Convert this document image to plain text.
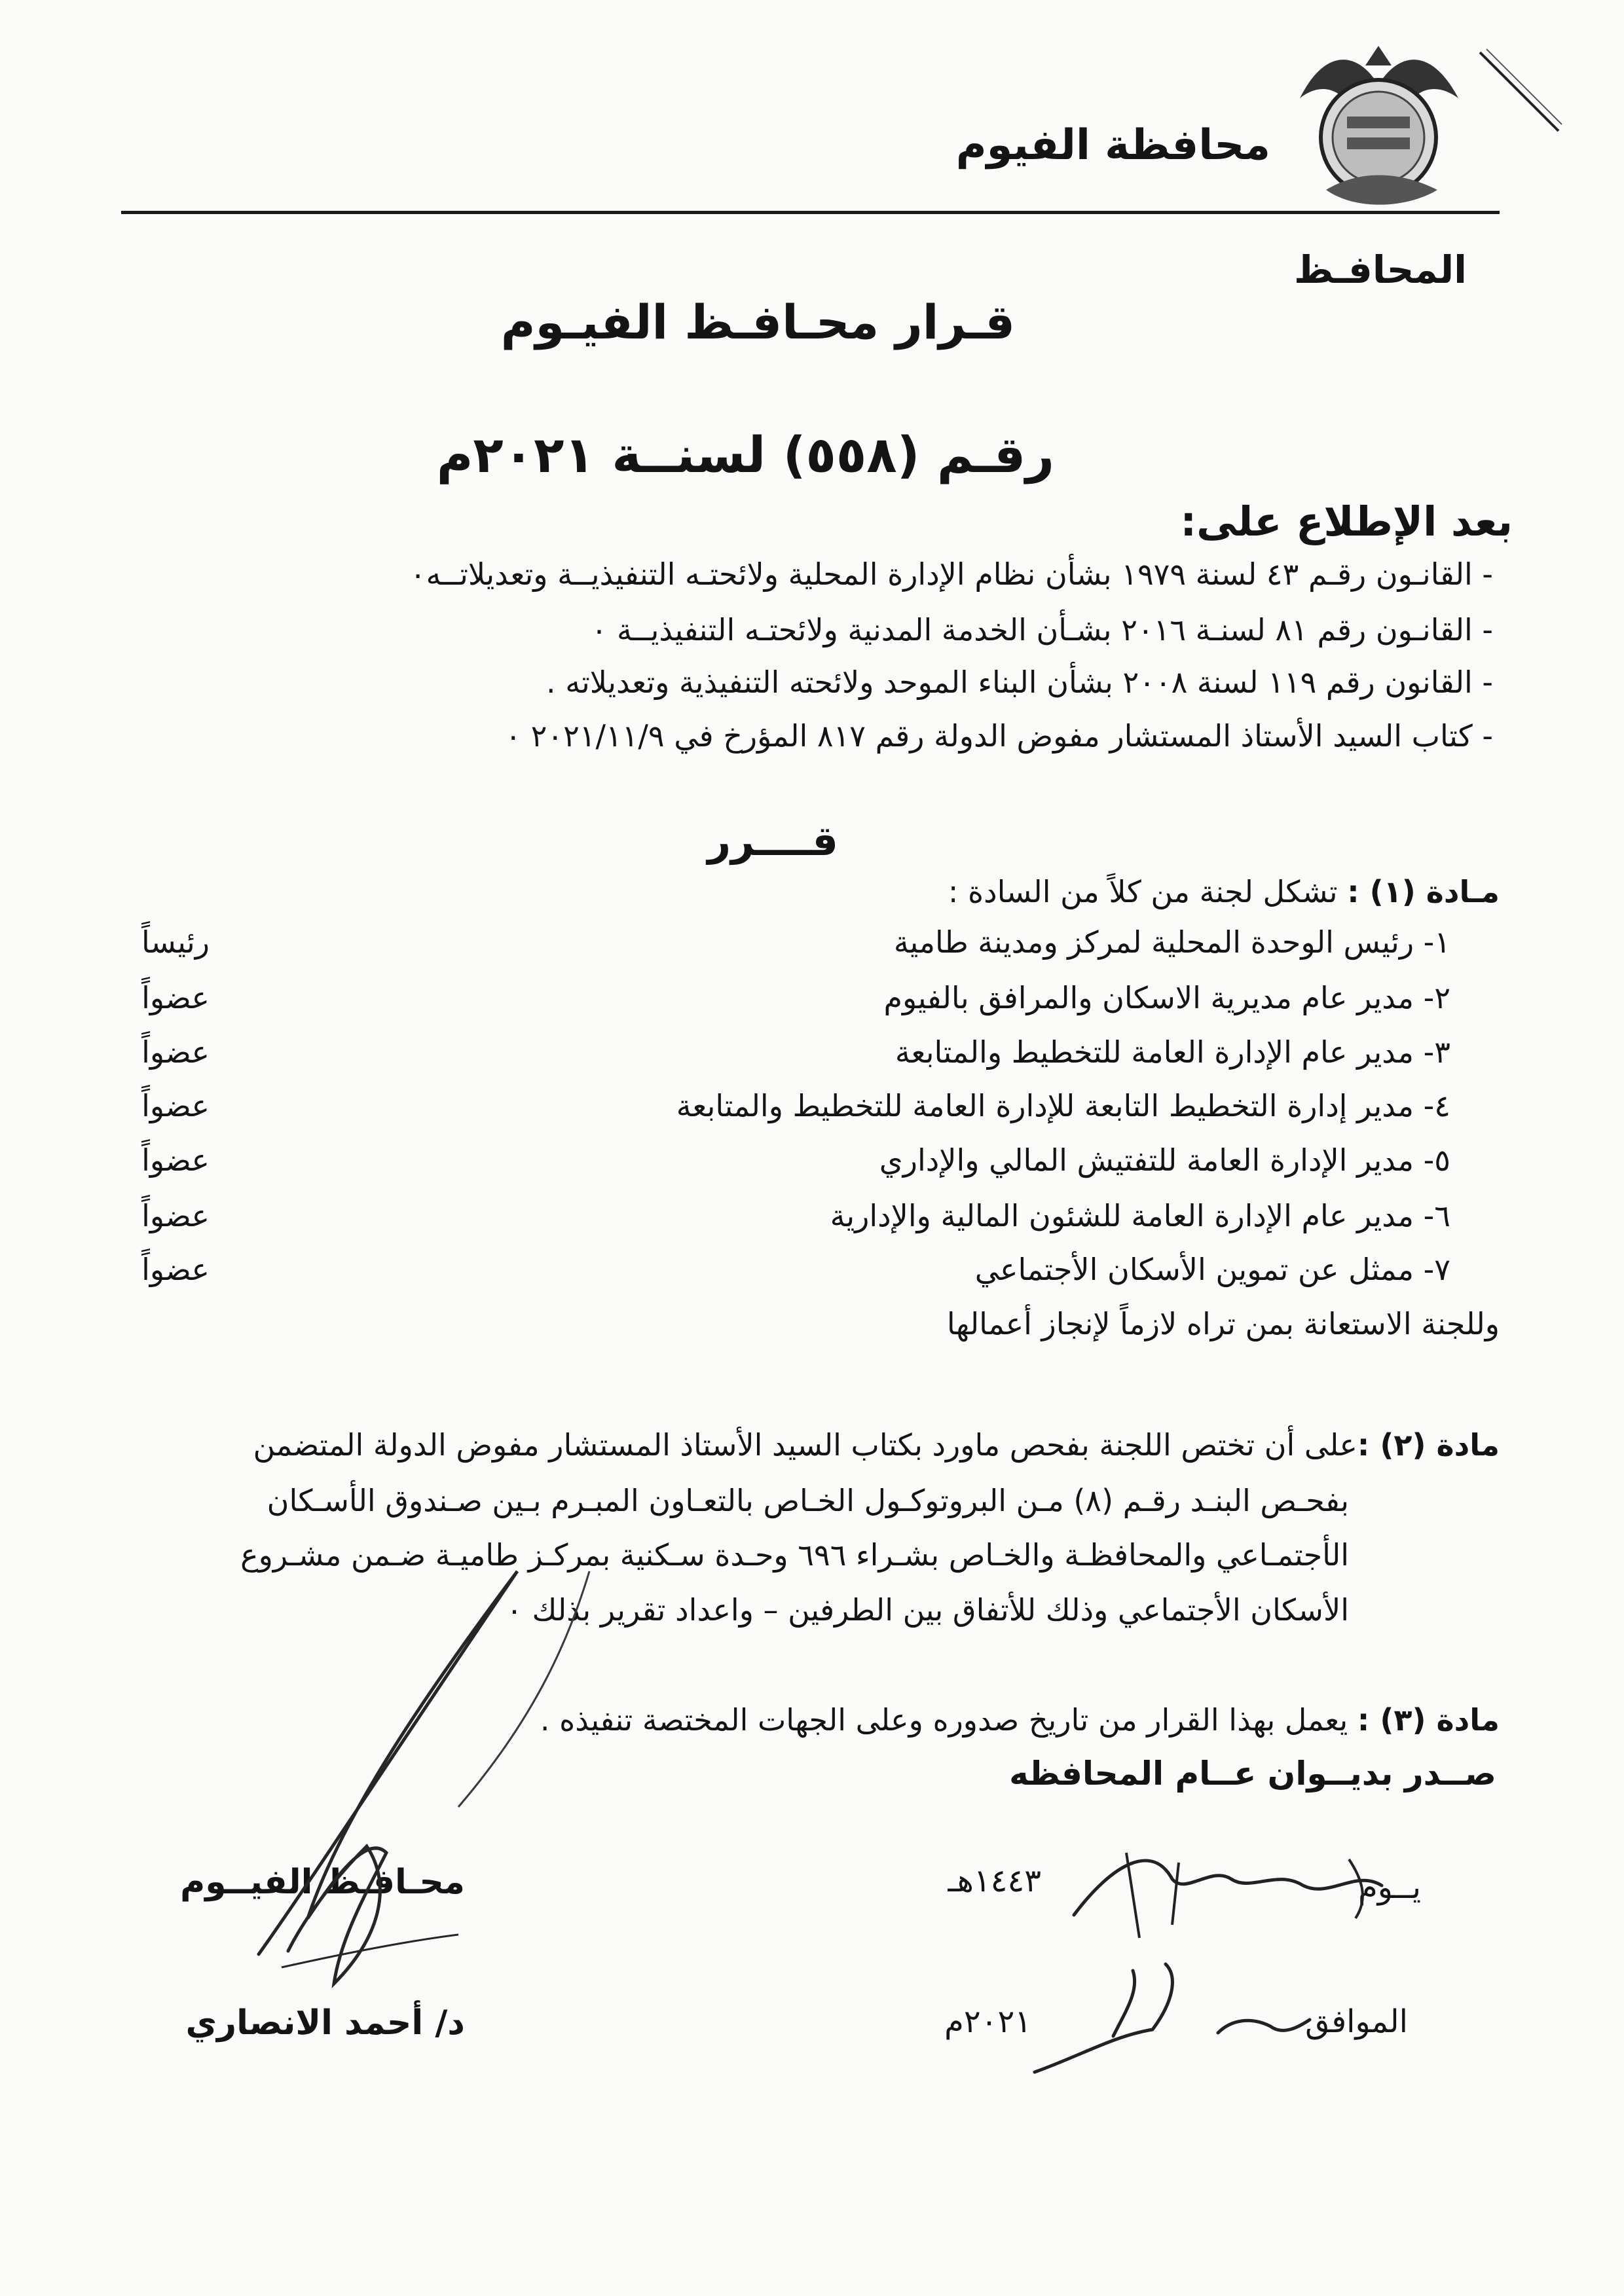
محافظة الفيوم
المحافـظ
قـرار محـافـظ الفيـوم
رقـم (٥٥٨) لسنــة ٢٠٢١م
بعد الإطلاع على:
- القانـون رقـم ٤٣ لسنة ١٩٧٩ بشأن نظام الإدارة المحلية ولائحتـه التنفيذيــة وتعديلاتــه٠
- القانـون رقم ٨١ لسنـة ٢٠١٦ بشـأن الخدمة المدنية ولائحتـه التنفيذيــة ٠
- القانون رقم ١١٩ لسنة ٢٠٠٨ بشأن البناء الموحد ولائحته التنفيذية وتعديلاته .
- كتاب السيد الأستاذ المستشار مفوض الدولة رقم ٨١٧ المؤرخ في ٢٠٢١/١١/٩ ٠
قــــرر
مـادة (١) : تشكل لجنة من كلاً من السادة :
١- رئيس الوحدة المحلية لمركز ومدينة طامية
رئيساً
٢- مدير عام مديرية الاسكان والمرافق بالفيوم
عضواً
٣- مدير عام الإدارة العامة للتخطيط والمتابعة
عضواً
٤- مدير إدارة التخطيط التابعة للإدارة العامة للتخطيط والمتابعة
عضواً
٥- مدير الإدارة العامة للتفتيش المالي والإداري
عضواً
٦- مدير عام الإدارة العامة للشئون المالية والإدارية
عضواً
٧- ممثل عن تموين الأسكان الأجتماعي
عضواً
وللجنة الاستعانة بمن تراه لازماً لإنجاز أعمالها
مادة (٢) :على أن تختص اللجنة بفحص ماورد بكتاب السيد الأستاذ المستشار مفوض الدولة المتضمن
بفحـص البنـد رقـم (٨) مـن البروتوكـول الخـاص بالتعـاون المبـرم بـين صـندوق الأسـكان
الأجتمـاعي والمحافظـة والخـاص بشـراء ٦٩٦ وحـدة سـكنية بمركـز طاميـة ضـمن مشـروع
الأسكان الأجتماعي وذلك للأتفاق بين الطرفين – واعداد تقرير بذلك ٠
مادة (٣) : يعمل بهذا القرار من تاريخ صدوره وعلى الجهات المختصة تنفيذه .
صــدر بديــوان عــام المحافظه
محـافـظ الفيــوم
د/ أحمد الانصاري
يــوم
١٤٤٣هـ
الموافق
٢٠٢١م
